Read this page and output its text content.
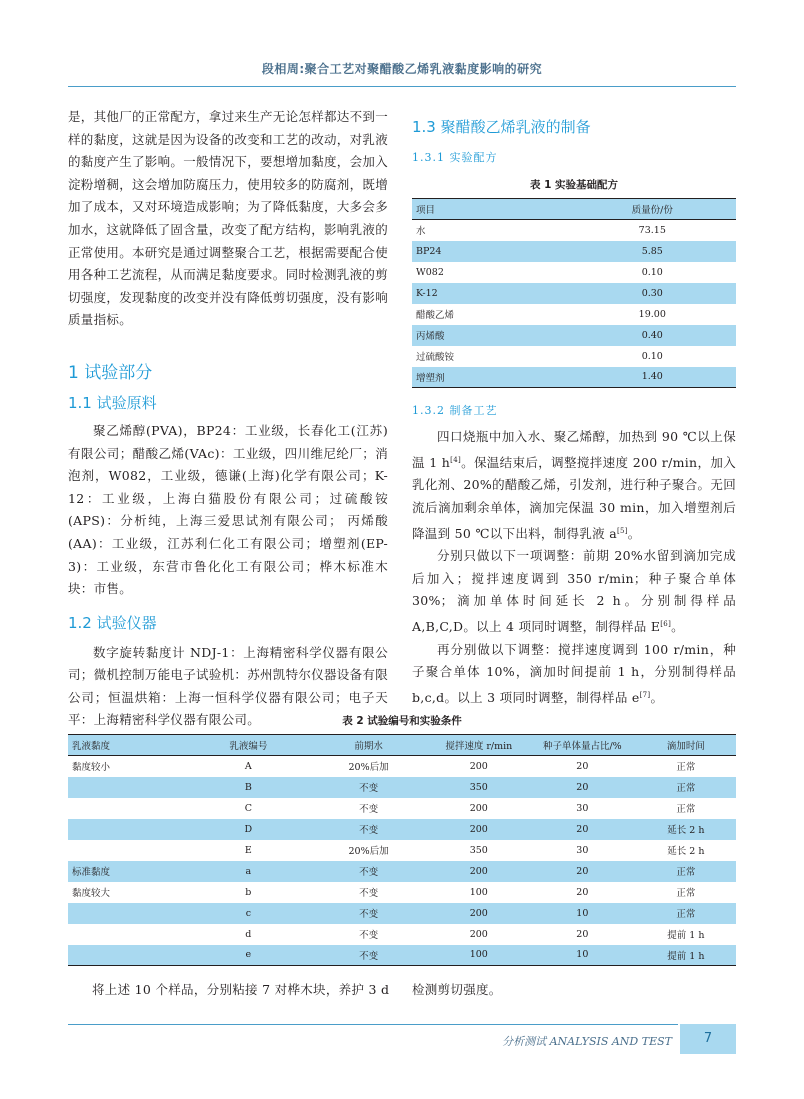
段相周:聚合工艺对聚醋酸乙烯乳液黏度影响的研究

是，其他厂的正常配方，拿过来生产无论怎样都达不到一样的黏度，这就是因为设备的改变和工艺的改动，对乳液的黏度产生了影响。一般情况下，要想增加黏度，会加入淀粉增稠，这会增加防腐压力，使用较多的防腐剂，既增加了成本，又对环境造成影响；为了降低黏度，大多会多加水，这就降低了固含量，改变了配方结构，影响乳液的正常使用。本研究是通过调整聚合工艺，根据需要配合使用各种工艺流程，从而满足黏度要求。同时检测乳液的剪切强度，发现黏度的改变并没有降低剪切强度，没有影响质量指标。

1 试验部分
1.1 试验原料

聚乙烯醇(PVA)，BP24：工业级，长春化工(江苏)有限公司；醋酸乙烯(VAc)：工业级，四川维尼纶厂；消泡剂，W082，工业级，德谦(上海)化学有限公司；K-12：工业级，上海白猫股份有限公司；过硫酸铵(APS)：分析纯，上海三爱思试剂有限公司； 丙烯酸(AA)：工业级，江苏利仁化工有限公司；增塑剂(EP-3)：工业级，东营市鲁化化工有限公司；桦木标准木块：市售。

1.2 试验仪器

数字旋转黏度计 NDJ-1：上海精密科学仪器有限公司；微机控制万能电子试验机：苏州凯特尔仪器设备有限公司；恒温烘箱：上海一恒科学仪器有限公司；电子天平：上海精密科学仪器有限公司。

1.3 聚醋酸乙烯乳液的制备
1.3.1 实验配方
表 1 实验基础配方
项目	质量份/份
水	73.15
BP24	5.85
W082	0.10
K-12	0.30
醋酸乙烯	19.00
丙烯酸	0.40
过硫酸铵	0.10
增塑剂	1.40
1.3.2 制备工艺

四口烧瓶中加入水、聚乙烯醇，加热到 90 ℃以上保温 1 h[4]。保温结束后，调整搅拌速度 200 r/min，加入乳化剂、20%的醋酸乙烯，引发剂，进行种子聚合。无回流后滴加剩余单体，滴加完保温 30 min，加入增塑剂后降温到 50 ℃以下出料，制得乳液 a[5]。

分别只做以下一项调整：前期 20%水留到滴加完成后加入；搅拌速度调到 350 r/min；种子聚合单体 30%；滴加单体时间延长 2 h。分别制得样品 A,B,C,D。以上 4 项同时调整，制得样品 E[6]。

再分别做以下调整：搅拌速度调到 100 r/min，种子聚合单体 10%，滴加时间提前 1 h，分别制得样品 b,c,d。以上 3 项同时调整，制得样品 e[7]。

表 2 试验编号和实验条件
乳液黏度	乳液编号	前期水	搅拌速度 r/min	种子单体量占比/%	滴加时间
黏度较小	A	20%后加	200	20	正常
	B	不变	350	20	正常
	C	不变	200	30	正常
	D	不变	200	20	延长 2 h
	E	20%后加	350	30	延长 2 h
标准黏度	a	不变	200	20	正常
黏度较大	b	不变	100	20	正常
	c	不变	200	10	正常
	d	不变	200	20	提前 1 h
	e	不变	100	10	提前 1 h
将上述 10 个样品，分别粘接 7 对桦木块，养护 3 d 检测剪切强度。
分析测试 ANALYSIS AND TEST	7
